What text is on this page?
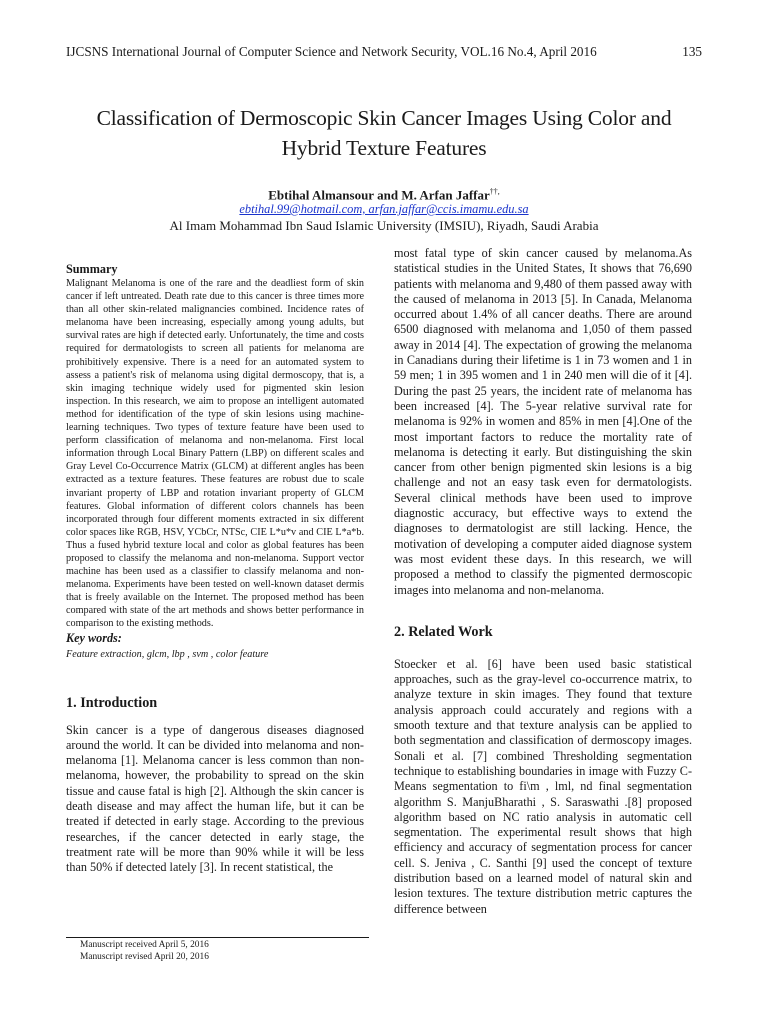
IJCSNS International Journal of Computer Science and Network Security, VOL.16 No.4, April 2016	135
Classification of Dermoscopic Skin Cancer Images Using Color and Hybrid Texture Features
Ebtihal Almansour and M. Arfan Jaffar††,
ebtihal.99@hotmail.com, arfan.jaffar@ccis.imamu.edu.sa
Al Imam Mohammad Ibn Saud Islamic University (IMSIU), Riyadh, Saudi Arabia

Summary

Malignant Melanoma is one of the rare and the deadliest form of skin cancer if left untreated. Death rate due to this cancer is three times more than all other skin-related malignancies combined. Incidence rates of melanoma have been increasing, especially among young adults, but survival rates are high if detected early. Unfortunately, the time and costs required for dermatologists to screen all patients for melanoma are prohibitively expensive. There is a need for an automated system to assess a patient's risk of melanoma using digital dermoscopy, that is, a skin imaging technique widely used for pigmented skin lesion inspection. In this research, we aim to propose an intelligent automated method for identification of the type of skin lesions using machine-learning techniques. Two types of texture feature have been used to perform classification of melanoma and non-melanoma. First local information through Local Binary Pattern (LBP) on different scales and Gray Level Co-Occurrence Matrix (GLCM) at different angles has been extracted as a texture features. These features are robust due to scale invariant property of LBP and rotation invariant property of GLCM features. Global information of different colors channels has been incorporated through four different moments extracted in six different color spaces like RGB, HSV, YCbCr, NTSc, CIE L*u*v and CIE L*a*b. Thus a fused hybrid texture local and color as global features has been proposed to classify the melanoma and non-melanoma. Support vector machine has been used as a classifier to classify melanoma and non-melanoma. Experiments have been tested on well-known dataset dermis that is freely available on the Internet. The proposed method has been compared with state of the art methods and shows better performance in comparison to the existing methods.

Key words:

Feature extraction, glcm, lbp , svm , color feature

1. Introduction

Skin cancer is a type of dangerous diseases diagnosed around the world. It can be divided into melanoma and non-melanoma [1]. Melanoma cancer is less common than non-melanoma, however, the probability to spread on the skin tissue and cause fatal is high [2]. Although the skin cancer is death disease and may affect the human life, but it can be treated if detected in early stage. According to the previous researches, if the cancer detected in early stage, the treatment rate will be more than 90% while it will be less than 50% if detected lately [3]. In recent statistical, the

most fatal type of skin cancer caused by melanoma.As statistical studies in the United States, It shows that 76,690 patients with melanoma and 9,480 of them passed away with the caused of melanoma in 2013 [5]. In Canada, Melanoma occurred about 1.4% of all cancer deaths. There are around 6500 diagnosed with melanoma and 1,050 of them passed away in 2014 [4]. The expectation of growing the melanoma in Canadians during their lifetime is 1 in 73 women and 1 in 59 men; 1 in 395 women and 1 in 240 men will die of it [4]. During the past 25 years, the incident rate of melanoma has been increased [4]. The 5-year relative survival rate for melanoma is 92% in women and 85% in men [4].One of the most important factors to reduce the mortality rate of melanoma is detecting it early. But distinguishing the skin cancer from other benign pigmented skin lesions is a big challenge and not an easy task even for dermatologists. Several clinical methods have been used to improve diagnostic accuracy, but effective ways to extend the diagnoses to dermatologist are still lacking. Hence, the motivation of developing a computer aided diagnose system was most evident these days. In this research, we will proposed a method to classify the pigmented dermoscopic images into melanoma and non-melanoma.

2. Related Work

Stoecker et al. [6] have been used basic statistical approaches, such as the gray-level co-occurrence matrix, to analyze texture in skin images. They found that texture analysis approach could accurately and regions with a smooth texture and that texture analysis can be applied to both segmentation and classification of dermoscopy images. Sonali et al. [7] combined Thresholding segmentation technique to establishing boundaries in image with Fuzzy C-Means segmentation to fi\m , lml, nd final segmentation algorithm S. ManjuBharathi , S. Saraswathi .[8] proposed algorithm based on NC ratio analysis in automatic cell segmentation. The experimental result shows that high efficiency and accuracy of segmentation process for cancer cell. S. Jeniva , C. Santhi [9] used the concept of texture distribution based on a learned model of natural skin and lesion textures. The texture distribution metric captures the difference between

Manuscript received April 5, 2016
Manuscript revised April 20, 2016
